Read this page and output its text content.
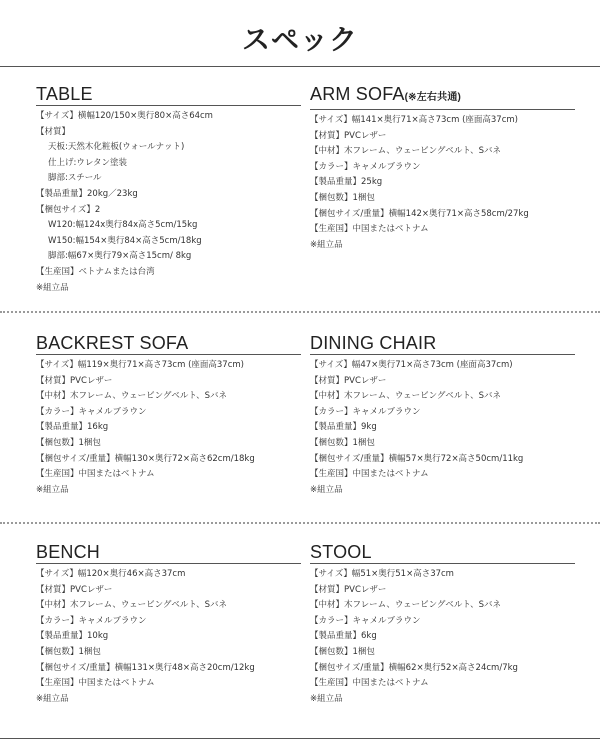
スペック
TABLE
【サイズ】横幅120/150×奥行80×高さ64cm
【材質】
天板:天然木化粧板(ウォールナット)
仕上げ:ウレタン塗装
脚部:スチール
【製品重量】20kg／23kg
【梱包サイズ】2
W120:幅124x奥行84x高さ5cm/15kg
W150:幅154×奥行84×高さ5cm/18kg
脚部:幅67×奥行79×高さ15cm/ 8kg
【生産国】ベトナムまたは台湾
※組立品
ARM SOFA(※左右共通)
【サイズ】幅141×奥行71×高さ73cm (座面高37cm)
【材質】PVCレザー
【中材】木フレーム、ウェービングベルト、Sバネ
【カラー】キャメルブラウン
【製品重量】25kg
【梱包数】1梱包
【梱包サイズ/重量】横幅142×奥行71×高さ58cm/27kg
【生産国】中国またはベトナム
※組立品
BACKREST SOFA
【サイズ】幅119×奥行71×高さ73cm (座面高37cm)
【材質】PVCレザー
【中材】木フレーム、ウェービングベルト、Sバネ
【カラー】キャメルブラウン
【製品重量】16kg
【梱包数】1梱包
【梱包サイズ/重量】横幅130×奥行72×高さ62cm/18kg
【生産国】中国またはベトナム
※組立品
DINING CHAIR
【サイズ】幅47×奥行71×高さ73cm (座面高37cm)
【材質】PVCレザー
【中材】木フレーム、ウェービングベルト、Sバネ
【カラー】キャメルブラウン
【製品重量】9kg
【梱包数】1梱包
【梱包サイズ/重量】横幅57×奥行72×高さ50cm/11kg
【生産国】中国またはベトナム
※組立品
BENCH
【サイズ】幅120×奥行46×高さ37cm
【材質】PVCレザー
【中材】木フレーム、ウェービングベルト、Sバネ
【カラー】キャメルブラウン
【製品重量】10kg
【梱包数】1梱包
【梱包サイズ/重量】横幅131×奥行48×高さ20cm/12kg
【生産国】中国またはベトナム
※組立品
STOOL
【サイズ】幅51×奥行51×高さ37cm
【材質】PVCレザー
【中材】木フレーム、ウェービングベルト、Sバネ
【カラー】キャメルブラウン
【製品重量】6kg
【梱包数】1梱包
【梱包サイズ/重量】横幅62×奥行52×高さ24cm/7kg
【生産国】中国またはベトナム
※組立品
